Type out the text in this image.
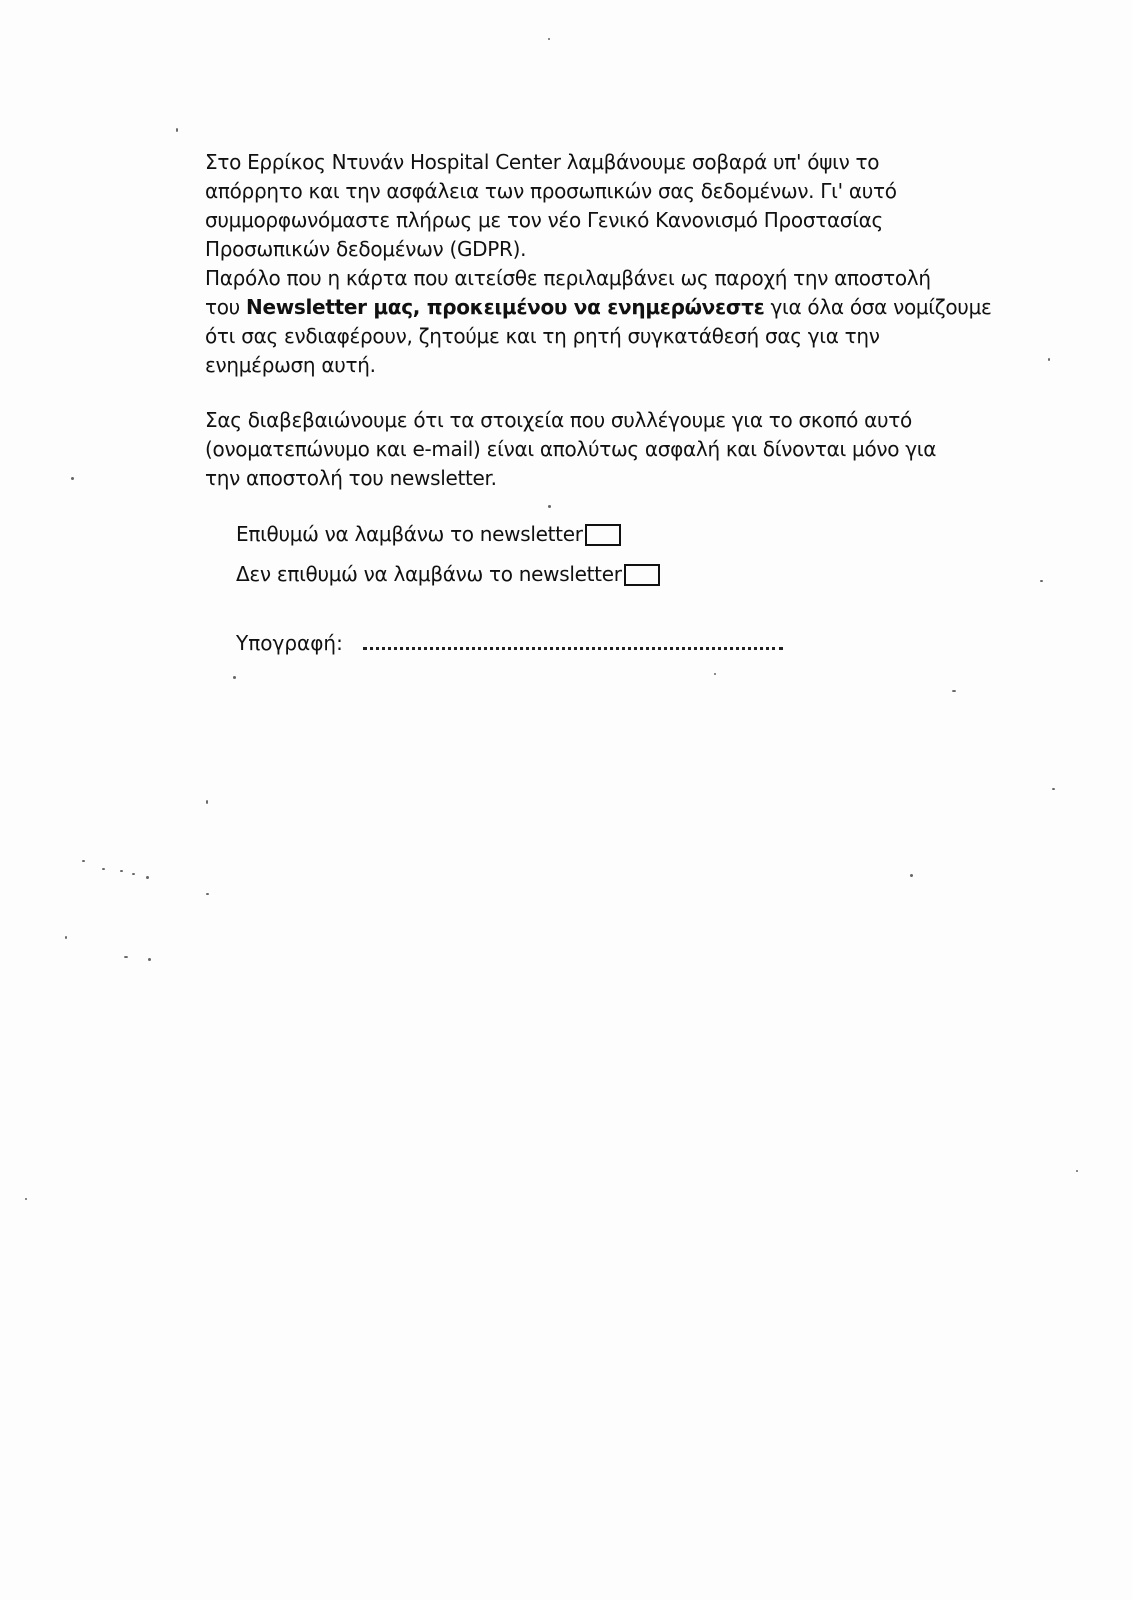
Στο Ερρίκος Ντυνάν Hospital Center λαμβάνουμε σοβαρά υπ' όψιν το
απόρρητο και την ασφάλεια των προσωπικών σας δεδομένων. Γι' αυτό
συμμορφωνόμαστε πλήρως με τον νέο Γενικό Κανονισμό Προστασίας
Προσωπικών δεδομένων (GDPR).
Παρόλο που η κάρτα που αιτείσθε περιλαμβάνει ως παροχή την αποστολή
του Newsletter μας, προκειμένου να ενημερώνεστε για όλα όσα νομίζουμε
ότι σας ενδιαφέρουν, ζητούμε και τη ρητή συγκατάθεσή σας για την
ενημέρωση αυτή.
Σας διαβεβαιώνουμε ότι τα στοιχεία που συλλέγουμε για το σκοπό αυτό
(ονοματεπώνυμο και e-mail) είναι απολύτως ασφαλή και δίνονται μόνο για
την αποστολή του newsletter.
Επιθυμώ να λαμβάνω το newsletter
Δεν επιθυμώ να λαμβάνω το newsletter
Υπογραφή:
